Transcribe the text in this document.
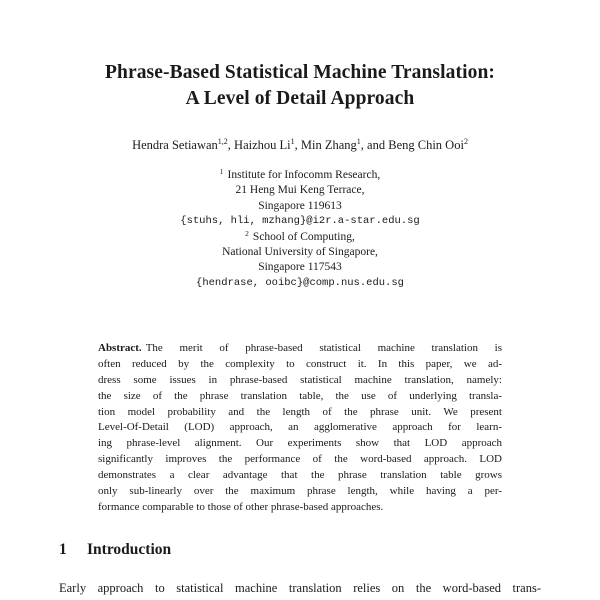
Phrase-Based Statistical Machine Translation:
A Level of Detail Approach
Hendra Setiawan$^{1,2}$, Haizhou Li$^1$, Min Zhang$^1$, and Beng Chin Ooi$^2$
$^1$ Institute for Infocomm Research,
21 Heng Mui Keng Terrace,
Singapore 119613
{stuhs, hli, mzhang}@i2r.a-star.edu.sg
$^2$ School of Computing,
National University of Singapore,
Singapore 117543
{hendrase, ooibc}@comp.nus.edu.sg
Abstract. The merit of phrase-based statistical machine translation is
often reduced by the complexity to construct it. In this paper, we ad-
dress some issues in phrase-based statistical machine translation, namely:
the size of the phrase translation table, the use of underlying transla-
tion model probability and the length of the phrase unit. We present
Level-Of-Detail (LOD) approach, an agglomerative approach for learn-
ing phrase-level alignment. Our experiments show that LOD approach
significantly improves the performance of the word-based approach. LOD
demonstrates a clear advantage that the phrase translation table grows
only sub-linearly over the maximum phrase length, while having a per-
formance comparable to those of other phrase-based approaches.
1 Introduction
Early approach to statistical machine translation relies on the word-based trans-
